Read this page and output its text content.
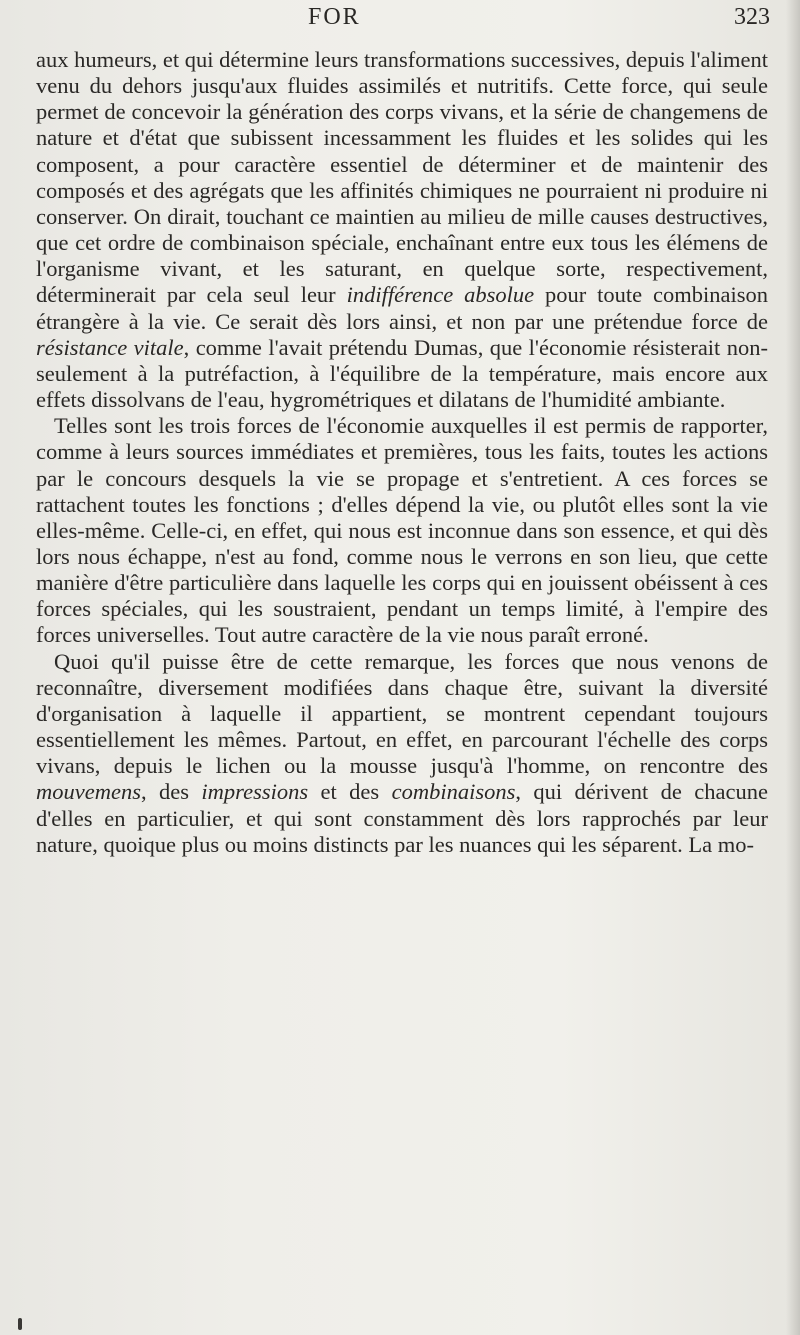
FOR	323

aux humeurs, et qui détermine leurs transformations successives, depuis l'aliment venu du dehors jusqu'aux fluides assimilés et nutritifs. Cette force, qui seule permet de concevoir la génération des corps vivans, et la série de changemens de nature et d'état que subissent incessamment les fluides et les solides qui les composent, a pour caractère essentiel de déterminer et de maintenir des composés et des agrégats que les affinités chimiques ne pourraient ni produire ni conserver. On dirait, touchant ce maintien au milieu de mille causes destructives, que cet ordre de combinaison spéciale, enchaînant entre eux tous les élémens de l'organisme vivant, et les saturant, en quelque sorte, respectivement, déterminerait par cela seul leur indifférence absolue pour toute combinaison étrangère à la vie. Ce serait dès lors ainsi, et non par une prétendue force de résistance vitale, comme l'avait prétendu Dumas, que l'économie résisterait non-seulement à la putréfaction, à l'équilibre de la température, mais encore aux effets dissolvans de l'eau, hygrométriques et dilatans de l'humidité ambiante.

Telles sont les trois forces de l'économie auxquelles il est permis de rapporter, comme à leurs sources immédiates et premières, tous les faits, toutes les actions par le concours desquels la vie se propage et s'entretient. A ces forces se rattachent toutes les fonctions ; d'elles dépend la vie, ou plutôt elles sont la vie elles-même. Celle-ci, en effet, qui nous est inconnue dans son essence, et qui dès lors nous échappe, n'est au fond, comme nous le verrons en son lieu, que cette manière d'être particulière dans laquelle les corps qui en jouissent obéissent à ces forces spéciales, qui les soustraient, pendant un temps limité, à l'empire des forces universelles. Tout autre caractère de la vie nous paraît erroné.

Quoi qu'il puisse être de cette remarque, les forces que nous venons de reconnaître, diversement modifiées dans chaque être, suivant la diversité d'organisation à laquelle il appartient, se montrent cependant toujours essentiellement les mêmes. Partout, en effet, en parcourant l'échelle des corps vivans, depuis le lichen ou la mousse jusqu'à l'homme, on rencontre des mouvemens, des impressions et des combinaisons, qui dérivent de chacune d'elles en particulier, et qui sont constamment dès lors rapprochés par leur nature, quoique plus ou moins distincts par les nuances qui les séparent. La mo-
